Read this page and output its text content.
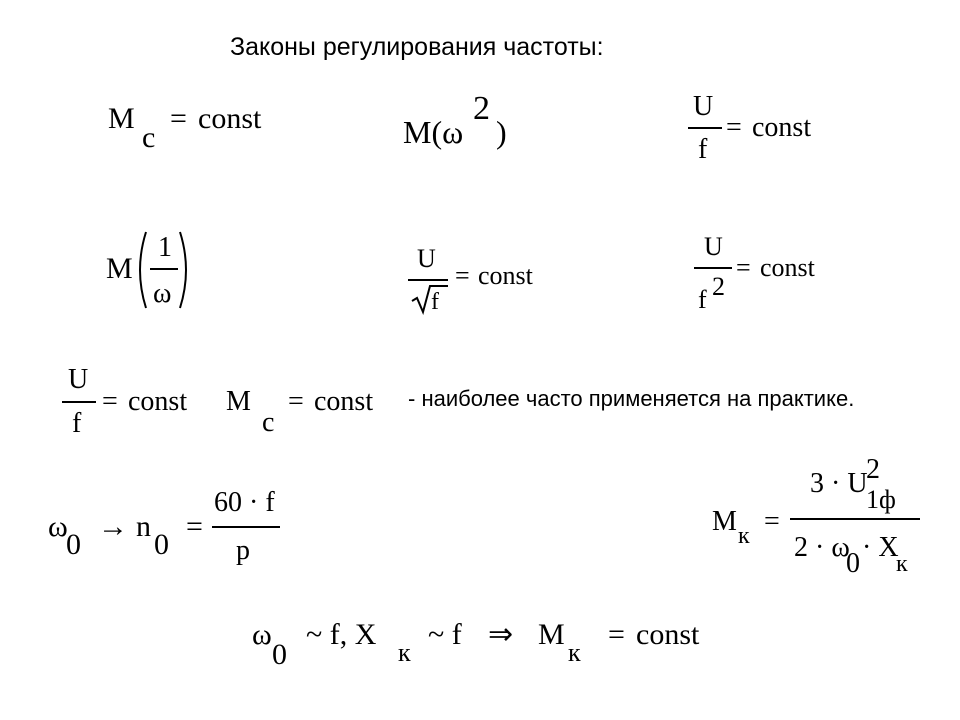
Законы регулирования частоты:
M
c
= const	M(ω
2
)
U
f
= const
M
1
ω
U
f
= const
U
f 2
= const
U
f
= const M
c
= const - наиболее часто применяется на практике.
ω
0
→ n
0
=
60 · f
p
M к =
3 · U
2
1ф
2 · ω
0
· X
к
ω
0
~ f, X
к
~ f ⇒ M
к
= const
